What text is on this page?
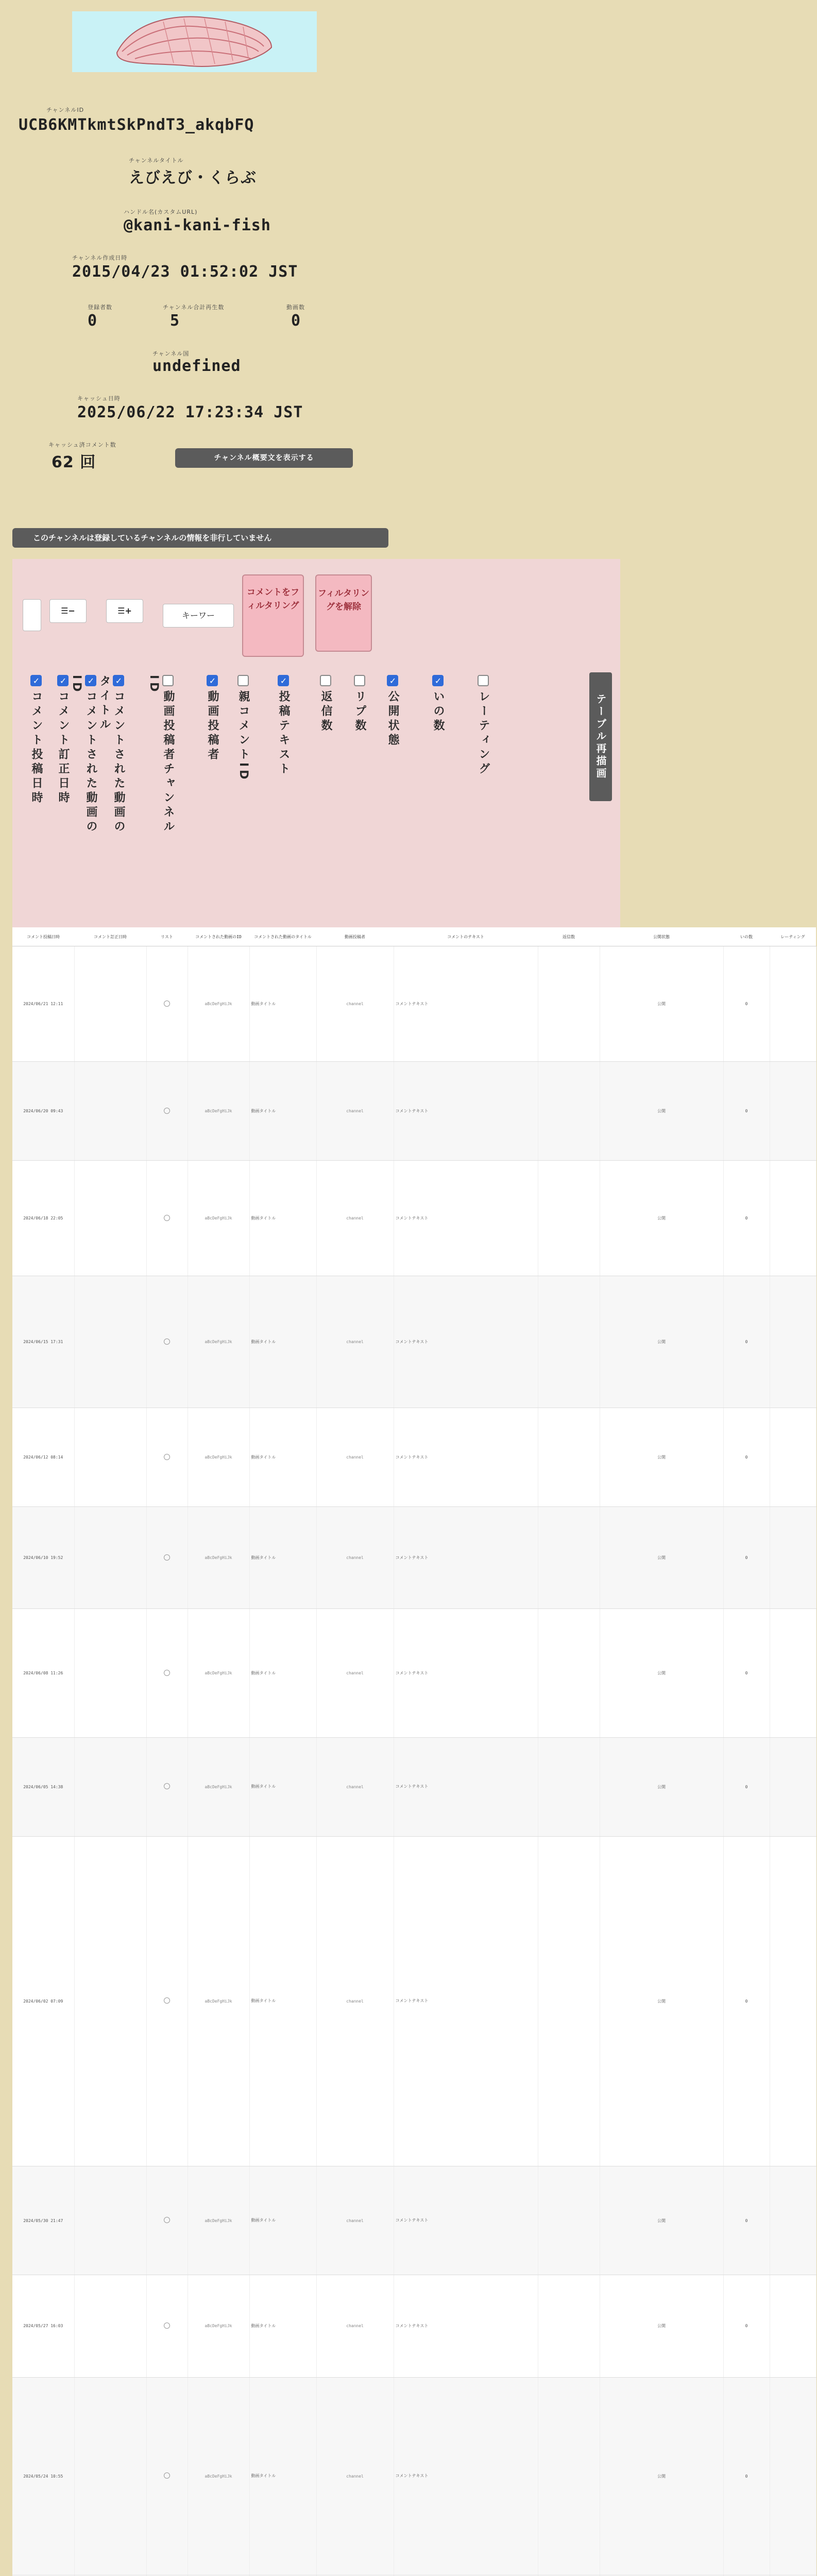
チャンネルID
UCB6KMTkmtSkPndT3_akqbFQ
チャンネルタイトル
えびえび・くらぶ
ハンドル名(カスタムURL)
@kani-kani-fish
チャンネル作成日時
2015/04/23 01:52:02 JST
登録者数
0
チャンネル合計再生数
5
動画数
0
チャンネル国
undefined
キャッシュ日時
2025/06/22 17:23:34 JST
キャッシュ済コメント数
62 回	チャンネル概要文を表示する
このチャンネルは登録しているチャンネルの情報を非行していません
☰−	☰+	キーワー
コメントをフィルタリング
フィルタリングを解除
✓コメント投稿日時
✓コメント訂正日時
✓コメントされた動画のID	✓コメントされた動画のタイトル	動画投稿者チャンネルID	✓動画投稿者	親コメントID
✓投稿テキスト	返信数	リプ数
✓公開状態
✓いの数	レーティング	テーブル再描画
コメント投稿日時	コメント訂正日時	リスト	コメントされた動画のID	コメントされた動画のタイトル	動画投稿者	コメントのテキスト	返信数	公開状態	いの数	レーティング
2024/06/21 12:11			aBcDeFgHiJk	動画タイトル	channel	コメントテキスト		公開	0	
2024/06/20 09:43			aBcDeFgHiJk	動画タイトル	channel	コメントテキスト		公開	0	
2024/06/18 22:05			aBcDeFgHiJk	動画タイトル	channel	コメントテキスト		公開	0	
2024/06/15 17:31			aBcDeFgHiJk	動画タイトル	channel	コメントテキスト		公開	0	
2024/06/12 08:14			aBcDeFgHiJk	動画タイトル	channel	コメントテキスト		公開	0	
2024/06/10 19:52			aBcDeFgHiJk	動画タイトル	channel	コメントテキスト		公開	0	
2024/06/08 11:26			aBcDeFgHiJk	動画タイトル	channel	コメントテキスト		公開	0	
2024/06/05 14:38			aBcDeFgHiJk	動画タイトル	channel	コメントテキスト		公開	0	
2024/06/02 07:09			aBcDeFgHiJk	動画タイトル	channel	コメントテキスト		公開	0	
2024/05/30 21:47			aBcDeFgHiJk	動画タイトル	channel	コメントテキスト		公開	0	
2024/05/27 16:03			aBcDeFgHiJk	動画タイトル	channel	コメントテキスト		公開	0	
2024/05/24 10:55			aBcDeFgHiJk	動画タイトル	channel	コメントテキスト		公開	0	
